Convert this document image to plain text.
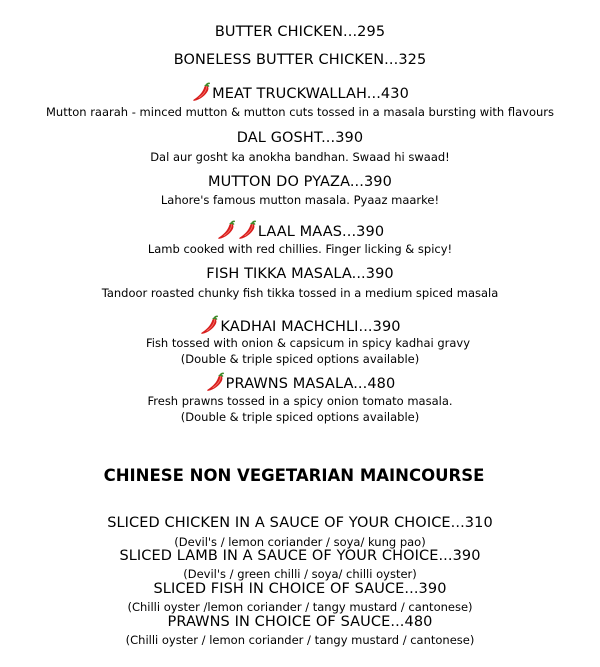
BUTTER CHICKEN...295
BONELESS BUTTER CHICKEN...325
MEAT TRUCKWALLAH...430
Mutton raarah - minced mutton & mutton cuts tossed in a masala bursting with flavours
DAL GOSHT...390
Dal aur gosht ka anokha bandhan. Swaad hi swaad!
MUTTON DO PYAZA...390
Lahore's famous mutton masala. Pyaaz maarke!
LAAL MAAS...390
Lamb cooked with red chillies. Finger licking & spicy!
FISH TIKKA MASALA...390
Tandoor roasted chunky fish tikka tossed in a medium spiced masala
KADHAI MACHCHLI...390
Fish tossed with onion & capsicum in spicy kadhai gravy
(Double & triple spiced options available)
PRAWNS MASALA...480
Fresh prawns tossed in a spicy onion tomato masala.
(Double & triple spiced options available)
CHINESE NON VEGETARIAN MAINCOURSE
SLICED CHICKEN IN A SAUCE OF YOUR CHOICE...310
(Devil's / lemon coriander / soya/ kung pao)
SLICED LAMB IN A SAUCE OF YOUR CHOICE...390
(Devil's / green chilli / soya/ chilli oyster)
SLICED FISH IN CHOICE OF SAUCE...390
(Chilli oyster /lemon coriander / tangy mustard / cantonese)
PRAWNS IN CHOICE OF SAUCE...480
(Chilli oyster / lemon coriander / tangy mustard / cantonese)
